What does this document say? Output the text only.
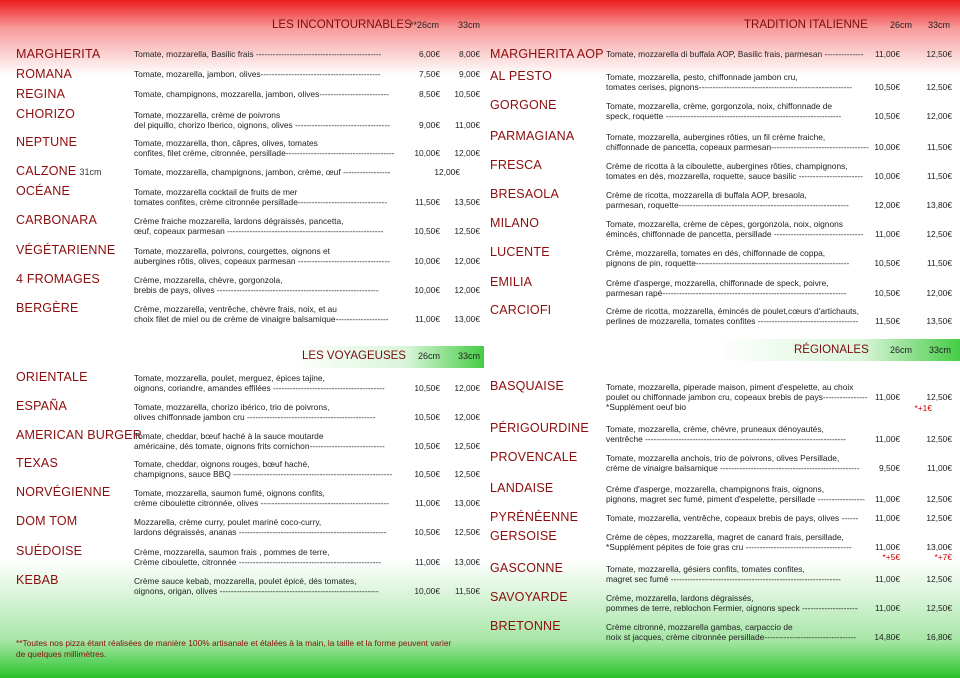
LES INCONTOURNABLES
**26cm 33cm
MARGHERITA	Tomate, mozzarella, Basilic frais ---------------------------------------------	6,00€	8,00€
ROMANA	Tomate, mozarella, jambon, olives-------------------------------------------	7,50€	9,00€
REGINA	Tomate, champignons, mozzarella, jambon, olives-------------------------	8,50€	10,50€
CHORIZO	Tomate, mozzarella, crème de poivrons
del piquillo, chorizo Iberico, oignons, olives ----------------------------------	9,00€	11,00€
NEPTUNE	Tomate, mozzarella, thon, câpres, olives, tomates
confites, filet crème, citronnée, persillade---------------------------------------	10,00€	12,00€
CALZONE 31cm	Tomate, mozzarella, champignons, jambon, crème, œuf -----------------	12,00€
OCÉANE	Tomate, mozzarella cocktail de fruits de mer
tomates confites, crème citronnée persillade--------------------------------	11,50€	13,50€
CARBONARA	Crème fraiche mozzarella, lardons dégraissés, pancetta,
œuf, copeaux parmesan --------------------------------------------------------	10,50€	12,50€
VÉGÉTARIENNE Tomate, mozzarella, poivrons, courgettes, oignons et
aubergines rôtis, olives, copeaux parmesan ---------------------------------	10,00€	12,00€
4 FROMAGES	Crème, mozzarella, chèvre, gorgonzola,
brebis de pays, olives ----------------------------------------------------------	10,00€	12,00€
BERGÈRE	Crème, mozzarella, ventrêche, chèvre frais, noix, et au
choix filet de miel ou de crème de vinaigre balsamique-------------------	11,00€	13,00€
LES VOYAGEUSES 26cm 33cm
ORIENTALE	Tomate, mozzarella, poulet, merguez, épices tajine,
oignons, coriandre, amandes effilées ----------------------------------------	10,50€	12,00€
ESPAÑA	Tomate, mozzarella, chorizo ibérico, trio de poivrons,
olives chiffonnade jambon cru ----------------------------------------------	10,50€	12,00€
AMERICAN BURGER
Tomate, cheddar, bœuf haché à la sauce moutarde
américaine, dés tomate, oignons frits cornichon---------------------------	10,50€	12,50€
TEXAS	Tomate, cheddar, oignons rouges, bœuf haché,
champignons, sauce BBQ ---------------------------------------------------------	10,50€	12,50€
NORVÉGIENNE	Tomate, mozzarella, saumon fumé, oignons confits,
crème ciboulette citronnée, olives ----------------------------------------------	11,00€	13,00€
DOM TOM	Mozzarella, crème curry, poulet mariné coco-curry,
lardons dégraissés, ananas -----------------------------------------------------	10,50€	12,50€
SUÉDOISE	Crème, mozzarella, saumon frais , pommes de terre,
Crème ciboulette, citronnée ---------------------------------------------------	11,00€	13,00€
KEBAB	Crème sauce kebab, mozzarella, poulet épicé, dés tomates,
oignons, origan, olives ---------------------------------------------------------	10,00€	11,50€
**Toutes nos pizza étant réalisées de manière 100% artisanale et étalées à la main, la taille et la forme peuvent varier de quelques millimètres.
TRADITION ITALIENNE 26cm 33cm
MARGHERITA AOP Tomate, mozzarella di buffala AOP, Basilic frais, parmesan --------------	11,00€	12,50€
AL PESTO	Tomate, mozzarella, pesto, chiffonnade jambon cru,
tomates cerises, pignons-------------------------------------------------------	10,50€	12,50€
GORGONE	Tomate, mozzarella, crème, gorgonzola, noix, chiffonnade de
speck, roquette ---------------------------------------------------------------	10,50€	12,00€
PARMAGIANA	Tomate, mozzarella, aubergines rôties, un fil crème fraiche,
chiffonnade de pancetta, copeaux parmesan----------------------------------- 10,00€	11,50€
FRESCA	Crème de ricotta à la ciboulette, aubergines rôties, champignons,
tomates en dés, mozzarella, roquette, sauce basilic -----------------------	10,00€	11,50€
BRESAOLA	Crème de ricotta, mozzarella di buffala AOP, bresaola,
parmesan, roquette-------------------------------------------------------------	12,00€	13,80€
MILANO	Tomate, mozzarella, crème de cèpes, gorgonzola, noix, oignons
émincés, chiffonnade de pancetta, persillade --------------------------------	11,00€	12,50€
LUCENTE	Crème, mozzarella, tomates en dés, chiffonnade de coppa,
pignons de pin, roquette-------------------------------------------------------	10,50€	11,50€
EMILIA	Crème d'asperge, mozzarella, chiffonnade de speck, poivre,
parmesan rapé------------------------------------------------------------------	10,50€	12,00€
CARCIOFI	Crème de ricotta, mozzarella, émincés de poulet,cœurs d'artichauts,
perlines de mozzarella, tomates confites ------------------------------------	11,50€	13,50€
RÉGIONALES 26cm 33cm
BASQUAISE	Tomate, mozzarella, piperade maison, piment d'espelette, au choix
poulet ou chiffonnade jambon cru, copeaux brebis de pays----------------
*Supplément oeuf bio
11,00€	12,50€
*+1€
PÉRIGOURDINE Tomate, mozzarella, crème, chèvre, pruneaux dénoyautés,
ventrêche ------------------------------------------------------------------------	11,00€	12,50€
PROVENCALE	Tomate, mozzarella anchois, trio de poivrons, olives Persillade,
crème de vinaigre balsamique --------------------------------------------------	9,50€	11,00€
LANDAISE	Crème d'asperge, mozzarella, champignons frais, oignons,
pignons, magret sec fumé, piment d'espelette, persillade -----------------	11,00€	12,50€
PYRÉNÉENNE	Tomate, mozzarella, ventrêche, copeaux brebis de pays, olives ------	11,00€	12,50€
GERSOISE	Crème de cèpes, mozzarella, magret de canard frais, persillade,
*Supplément pépites de foie gras cru --------------------------------------	11,00€	13,00€
*+5€	*+7€
GASCONNE	Tomate, mozzarella, gésiers confits, tomates confites,
magret sec fumé -------------------------------------------------------------	11,00€	12,50€
SAVOYARDE	Crème, mozzarella, lardons dégraissés,
pommes de terre, reblochon Fermier, oignons speck --------------------	11,00€	12,50€
BRETONNE	Crème citronné, mozzarella gambas, carpaccio de
noix st jacques, crème citronnée persillade---------------------------------	14,80€	16,80€
